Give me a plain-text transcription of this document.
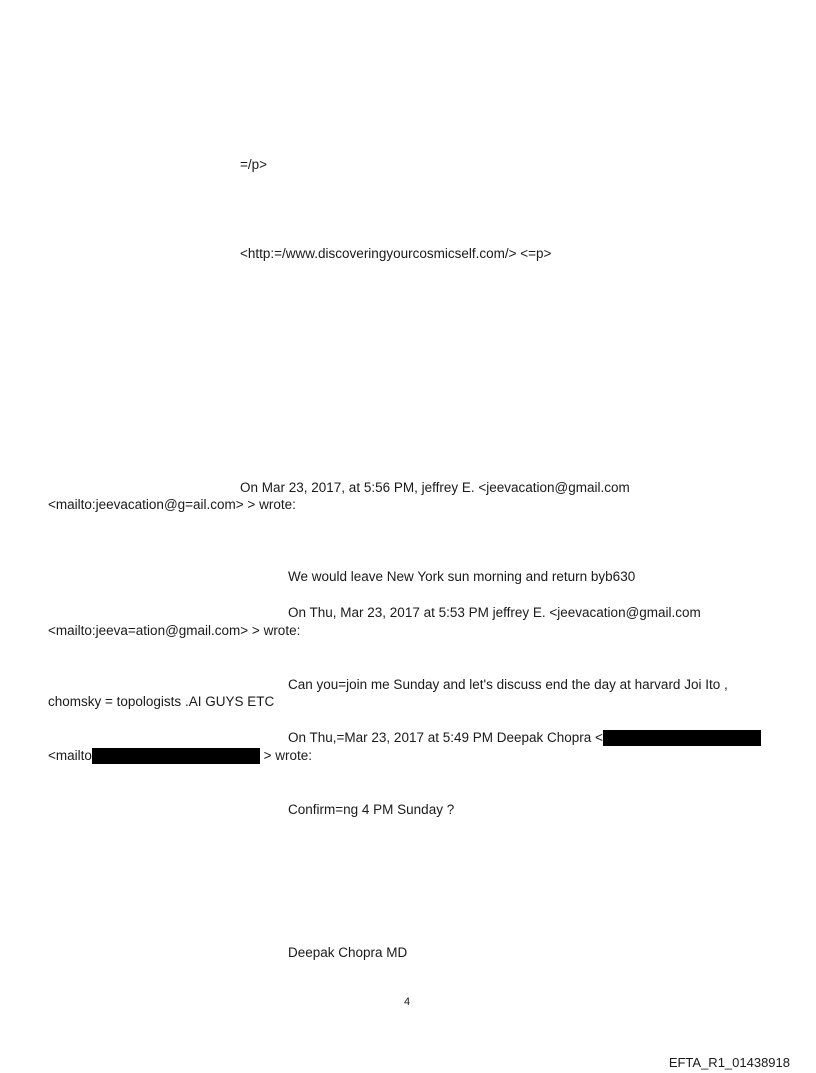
=/p>

<http:=/www.discoveringyourcosmicself.com/> <=p>

On Mar 23, 2017, at 5:56 PM, jeffrey E. <jeevacation@gmail.com

<mailto:jeevacation@g=ail.com> > wrote:

We would leave New York sun morning and return byb630

On Thu, Mar 23, 2017 at 5:53 PM jeffrey E. <jeevacation@gmail.com

<mailto:jeeva=ation@gmail.com> > wrote:

Can you=join me Sunday and let's discuss end the day at harvard Joi Ito ,

chomsky = topologists .AI GUYS ETC

On Thu,=Mar 23, 2017 at 5:49 PM Deepak Chopra <

<mailto	> wrote:

Confirm=ng 4 PM Sunday ?

Deepak Chopra MD

4
EFTA_R1_01438918
